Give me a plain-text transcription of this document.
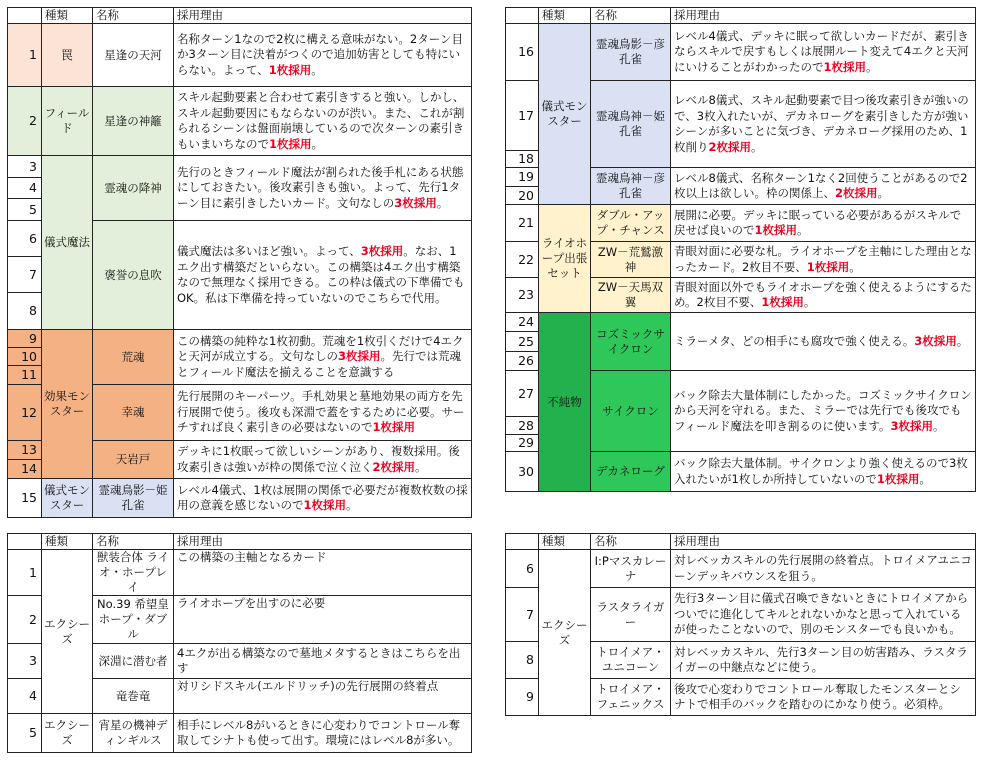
	種類	名称	採用理由
1	罠	星逢の天河	名称ターン1なので2枚に構える意味がない。2ターン目か3ターン目に決着がつくので追加妨害としても特にいらない。よって、1枚採用。
2	フィールド	星逢の神籬	スキル起動要素と合わせて素引きすると強い。しかし、スキル起動要因にもならないのが渋い。また、これが割られるシーンは盤面崩壊しているので次ターンの素引きもいまいちなので1枚採用。
3	儀式魔法	霊魂の降神	先行のときフィールド魔法が割られた後手札にある状態にしておきたい。後攻素引きも強い。よって、先行1ターン目に素引きしたいカード。文句なしの3枚採用。
4			
5			
6		褒誉の息吹	儀式魔法は多いほど強い。よって、3枚採用。なお、1エク出す構築だといらない。この構築は4エク出す構築なので無理なく採用できる。この枠は儀式の下準備でもOK。私は下準備を持っていないのでこちらで代用。
7			
8			
9	効果モンスター	荒魂	この構築の純粋な1枚初動。荒魂を1枚引くだけで4エクと天河が成立する。文句なしの3枚採用。先行では荒魂とフィールド魔法を揃えることを意識する
10			
11			
12		幸魂	先行展開のキーパーツ。手札効果と墓地効果の両方を先行展開で使う。後攻も深淵で蓋をするために必要。サーチすれば良く素引きの必要はないので1枚採用
13		天岩戸	デッキに1枚眠って欲しいシーンがあり、複数採用。後攻素引きは強いが枠の関係で泣く泣く2枚採用。
14			
15	儀式モンスター	霊魂鳥影－姫孔雀	レベル4儀式、1枚は展開の関係で必要だが複数枚数の採用の意義を感じないので1枚採用。
	種類	名称	採用理由
16	儀式モンスター	霊魂鳥影－彦孔雀	レベル4儀式、デッキに眠って欲しいカードだが、素引きならスキルで戻すもしくは展開ルート変えて4エクと天河にいけることがわかったので1枚採用。
17		霊魂鳥神－姫孔雀	レベル8儀式、スキル起動要素で目つ後攻素引きが強いので、3枚入れたいが、デカネローグを素引きした方が強いシーンが多いことに気づき、デカネローグ採用のため、1枚削り2枚採用。
18			
19		霊魂鳥神－彦孔雀	レベル8儀式、名称ターン1なく2回使うことがあるので2枚以上は欲しい。枠の関係上、2枚採用。
20			
21	ライオホープ出張セット	ダブル・アップ・チャンス	展開に必要。デッキに眠っている必要があるがスキルで戻せば良いので1枚採用。
22		ZW－荒鷲激神	青眼対面に必要な札。ライオホープを主軸にした理由となったカード。2枚目不要、1枚採用。
23		ZW－天馬双翼	青眼対面以外でもライオホープを強く使えるようにするため。2枚目不要、1枚採用。
24	不純物	コズミックサイクロン	ミラーメタ、どの相手にも腐攻で強く使える。3枚採用。
25			
26			
27		サイクロン	バック除去大量体制にしたかった。コズミックサイクロンから天河を守れる。また、ミラーでは先行でも後攻でもフィールド魔法を叩き割るのに使います。3枚採用。
28			
29			
30		デカネローグ	バック除去大量体制。サイクロンより強く使えるので3枚入れたいが1枚しか所持していないので1枚採用。
	種類	名称	採用理由
1	エクシーズ	獣装合体 ライオ・ホープレイ	この構築の主軸となるカード
2		No.39 希望皇ホープ・ダブル	ライオホープを出すのに必要
3		深淵に潜む者	4エクが出る構築なので墓地メタするときはこちらを出す
4		竜巻竜	対リシドスキル(エルドリッチ)の先行展開の終着点
5	エクシーズ	宵星の機神ディンギルス	相手にレベル8がいるときに心変わりでコントロール奪取してシナトも使って出す。環境にはレベル8が多い。
	種類	名称	採用理由
6	エクシーズ	I:Pマスカレーナ	対レベッカスキルの先行展開の終着点。トロイメアユニコーンデッキバウンスを狙う。
7		ラスタライガー	先行3ターン目に儀式召喚できないときにトロイメアからついでに進化してキルとれないかなと思って入れているが使ったことないので、別のモンスターでも良いかも。
8		トロイメア・ユニコーン	対レベッカスキル、先行3ターン目の妨害踏み、ラスタライガーの中継点などに使う。
9		トロイメア・フェニックス	後攻で心変わりでコントロール奪取したモンスターとシナトで相手のバックを踏むのにかなり使う。必須枠。
